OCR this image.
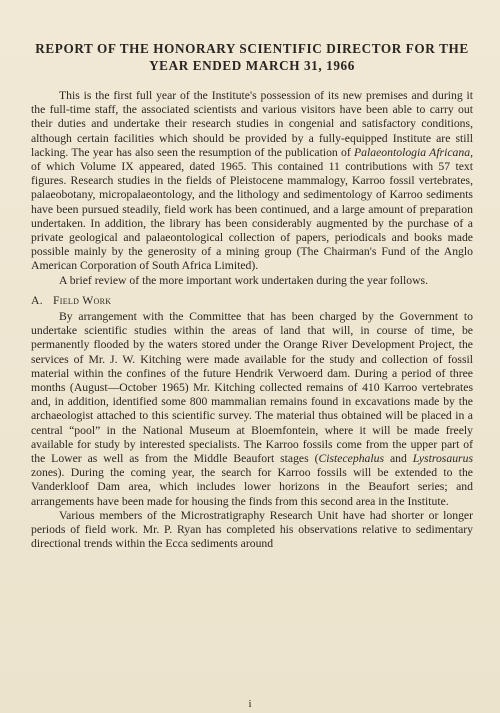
REPORT OF THE HONORARY SCIENTIFIC DIRECTOR FOR THE
YEAR ENDED MARCH 31, 1966

This is the first full year of the Institute's possession of its new premises and during it the full-time staff, the associated scientists and various visitors have been able to carry out their duties and undertake their research studies in congenial and satisfactory conditions, although certain facilities which should be provided by a fully-equipped Institute are still lacking. The year has also seen the resumption of the publication of Palaeontologia Africana, of which Volume IX appeared, dated 1965. This contained 11 contributions with 57 text figures. Research studies in the fields of Pleistocene mammalogy, Karroo fossil vertebrates, palaeobotany, micropalaeontology, and the lithology and sedimentology of Karroo sediments have been pursued steadily, field work has been continued, and a large amount of preparation undertaken. In addition, the library has been considerably augmented by the purchase of a private geological and palaeontological collection of papers, periodicals and books made possible mainly by the generosity of a mining group (The Chairman's Fund of the Anglo American Corporation of South Africa Limited).

A brief review of the more important work undertaken during the year follows.

A. Field Work

By arrangement with the Committee that has been charged by the Government to undertake scientific studies within the areas of land that will, in course of time, be permanently flooded by the waters stored under the Orange River Development Project, the services of Mr. J. W. Kitching were made available for the study and collection of fossil material within the confines of the future Hendrik Verwoerd dam. During a period of three months (August—October 1965) Mr. Kitching collected remains of 410 Karroo vertebrates and, in addition, identified some 800 mammalian remains found in excavations made by the archaeologist attached to this scientific survey. The material thus obtained will be placed in a central “pool” in the National Museum at Bloemfontein, where it will be made freely available for study by interested specialists. The Karroo fossils come from the upper part of the Lower as well as from the Middle Beaufort stages (Cistecephalus and Lystrosaurus zones). During the coming year, the search for Karroo fossils will be extended to the Vanderkloof Dam area, which includes lower horizons in the Beaufort series; and arrangements have been made for housing the finds from this second area in the Institute.

Various members of the Microstratigraphy Research Unit have had shorter or longer periods of field work. Mr. P. Ryan has completed his observations relative to sedimentary directional trends within the Ecca sediments around

i
